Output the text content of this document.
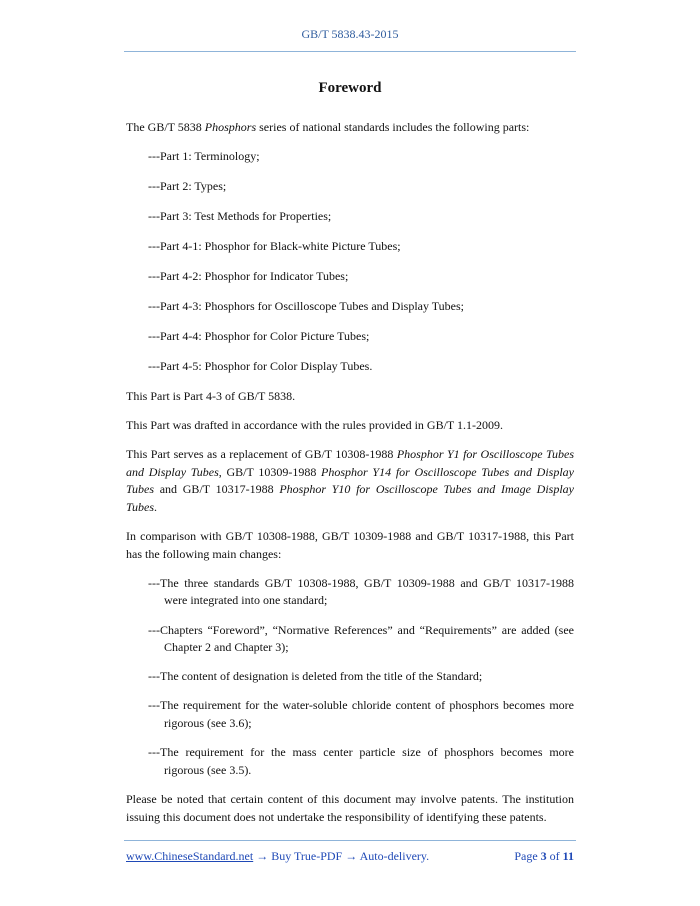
GB/T 5838.43-2015
Foreword

The GB/T 5838 Phosphors series of national standards includes the following parts:

---Part 1: Terminology;

---Part 2: Types;

---Part 3: Test Methods for Properties;

---Part 4-1: Phosphor for Black-white Picture Tubes;

---Part 4-2: Phosphor for Indicator Tubes;

---Part 4-3: Phosphors for Oscilloscope Tubes and Display Tubes;

---Part 4-4: Phosphor for Color Picture Tubes;

---Part 4-5: Phosphor for Color Display Tubes.

This Part is Part 4-3 of GB/T 5838.

This Part was drafted in accordance with the rules provided in GB/T 1.1-2009.

This Part serves as a replacement of GB/T 10308-1988 Phosphor Y1 for Oscilloscope Tubes and Display Tubes, GB/T 10309-1988 Phosphor Y14 for Oscilloscope Tubes and Display Tubes and GB/T 10317-1988 Phosphor Y10 for Oscilloscope Tubes and Image Display Tubes.

In comparison with GB/T 10308-1988, GB/T 10309-1988 and GB/T 10317-1988, this Part has the following main changes:

---The three standards GB/T 10308-1988, GB/T 10309-1988 and GB/T 10317-1988 were integrated into one standard;

---Chapters “Foreword”, “Normative References” and “Requirements” are added (see Chapter 2 and Chapter 3);

---The content of designation is deleted from the title of the Standard;

---The requirement for the water-soluble chloride content of phosphors becomes more rigorous (see 3.6);

---The requirement for the mass center particle size of phosphors becomes more rigorous (see 3.5).

Please be noted that certain content of this document may involve patents. The institution issuing this document does not undertake the responsibility of identifying these patents.

www.ChineseStandard.net → Buy True-PDF → Auto-delivery.	Page 3 of 11
